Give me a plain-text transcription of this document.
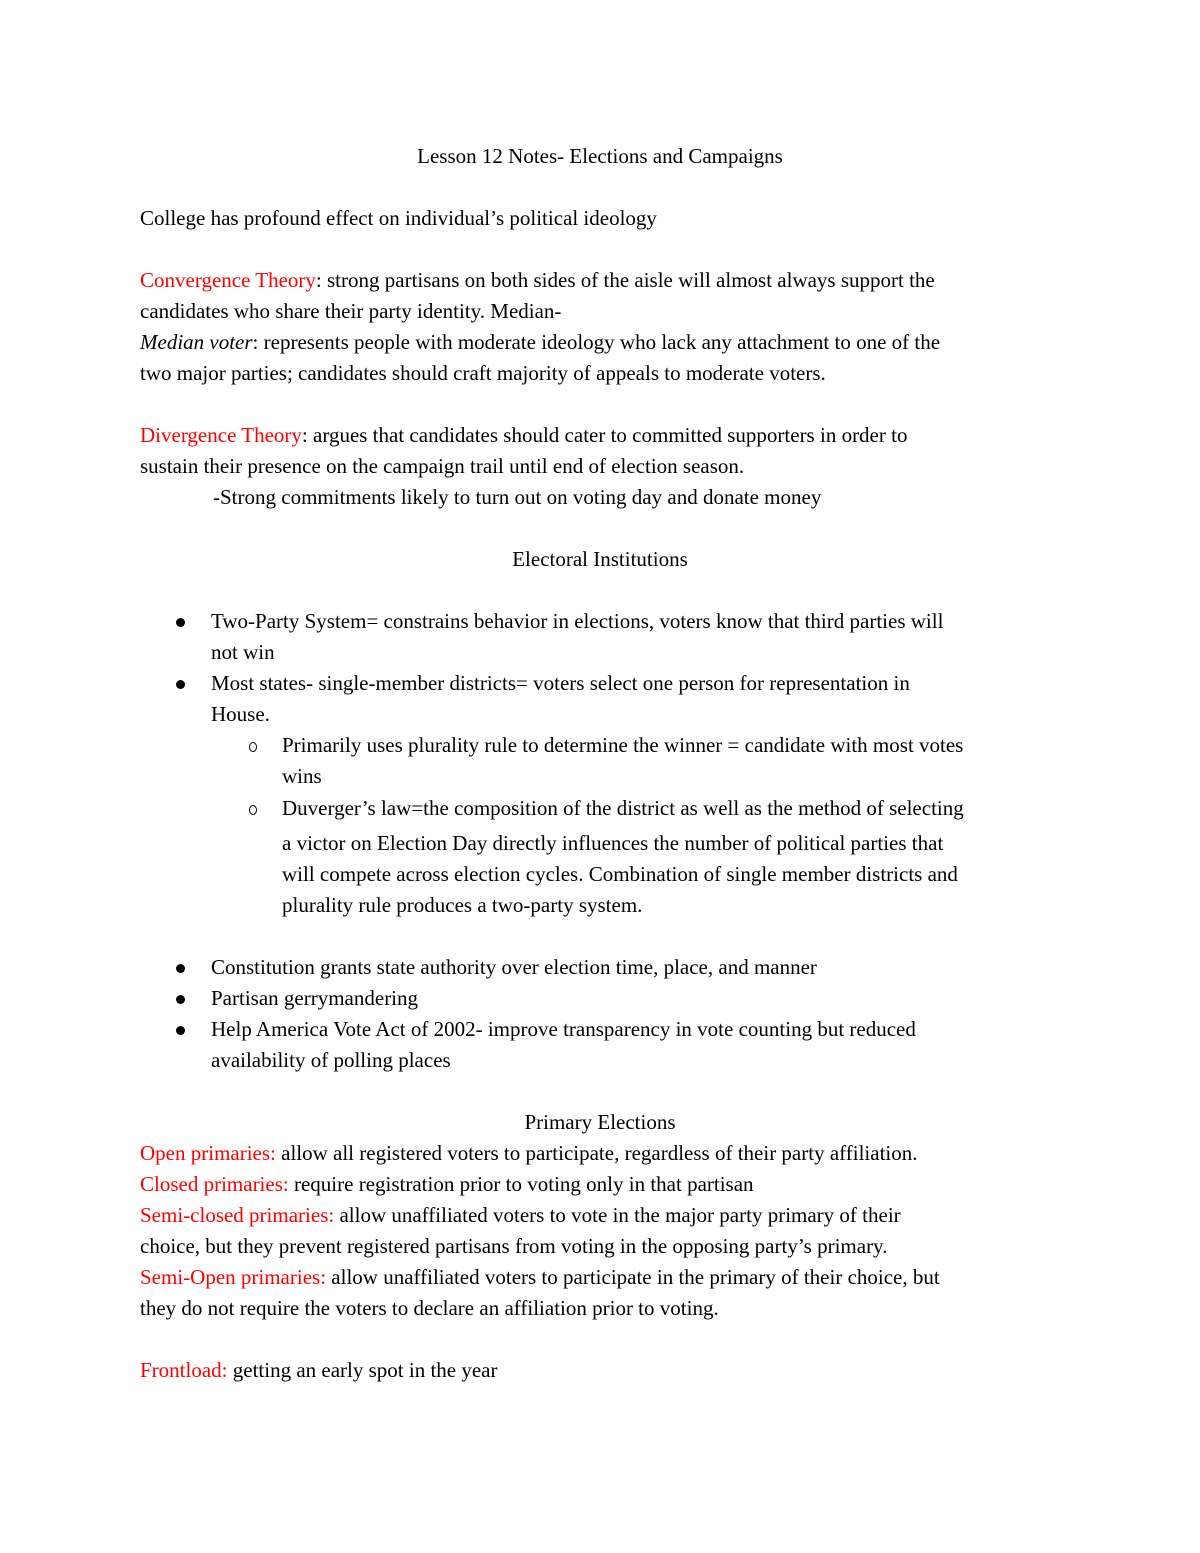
Lesson 12 Notes- Elections and Campaigns
College has profound effect on individual’s political ideology
Convergence Theory: strong partisans on both sides of the aisle will almost always support the
candidates who share their party identity. Median-
Median voter: represents people with moderate ideology who lack any attachment to one of the
two major parties; candidates should craft majority of appeals to moderate voters.
Divergence Theory: argues that candidates should cater to committed supporters in order to
sustain their presence on the campaign trail until end of election season.
-Strong commitments likely to turn out on voting day and donate money
Electoral Institutions
Two-Party System= constrains behavior in elections, voters know that third parties will
not win
Most states- single-member districts= voters select one person for representation in
House.
Primarily uses plurality rule to determine the winner = candidate with most votes
wins
Duverger’s law=the composition of the district as well as the method of selecting
a victor on Election Day directly influences the number of political parties that
will compete across election cycles. Combination of single member districts and
plurality rule produces a two-party system.
Constitution grants state authority over election time, place, and manner
Partisan gerrymandering
Help America Vote Act of 2002- improve transparency in vote counting but reduced
availability of polling places
Primary Elections
Open primaries: allow all registered voters to participate, regardless of their party affiliation.
Closed primaries: require registration prior to voting only in that partisan
Semi-closed primaries: allow unaffiliated voters to vote in the major party primary of their
choice, but they prevent registered partisans from voting in the opposing party’s primary.
Semi-Open primaries: allow unaffiliated voters to participate in the primary of their choice, but
they do not require the voters to declare an affiliation prior to voting.
Frontload: getting an early spot in the year
